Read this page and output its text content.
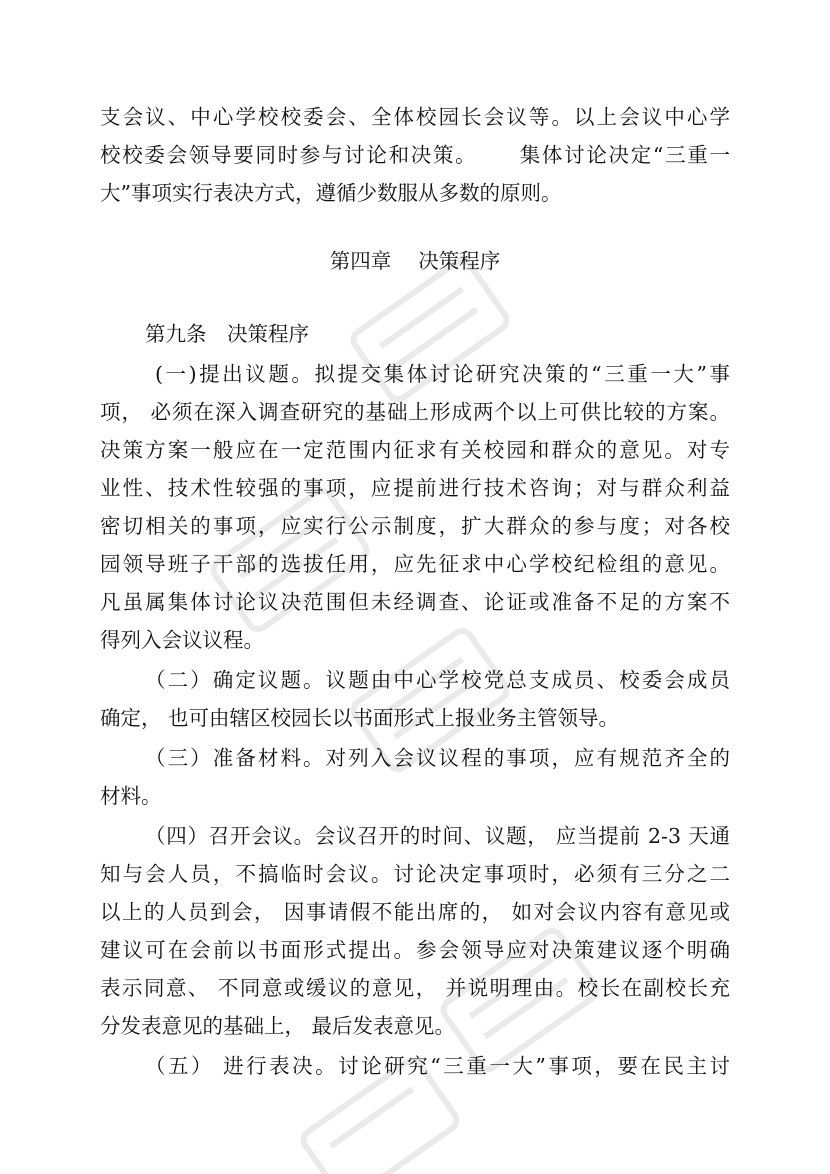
支会议、中心学校校委会、全体校园长会议等。以上会议中心学
校校委会领导要同时参与讨论和决策。　　 集体讨论决定“三重一
大”事项实行表决方式，遵循少数服从多数的原则。
第四章　 决策程序
第九条　决策程序
(一)提出议题。拟提交集体讨论研究决策的“三重一大”事
项， 必须在深入调查研究的基础上形成两个以上可供比较的方案。
决策方案一般应在一定范围内征求有关校园和群众的意见。对专
业性、技术性较强的事项，应提前进行技术咨询；对与群众利益
密切相关的事项，应实行公示制度，扩大群众的参与度；对各校
园领导班子干部的选拔任用，应先征求中心学校纪检组的意见。
凡虽属集体讨论议决范围但未经调查、论证或准备不足的方案不
得列入会议议程。
（二）确定议题。议题由中心学校党总支成员、校委会成员
确定， 也可由辖区校园长以书面形式上报业务主管领导。
（三）准备材料。对列入会议议程的事项，应有规范齐全的
材料。
（四）召开会议。会议召开的时间、议题， 应当提前 2-3 天通
知与会人员，不搞临时会议。讨论决定事项时，必须有三分之二
以上的人员到会， 因事请假不能出席的， 如对会议内容有意见或
建议可在会前以书面形式提出。参会领导应对决策建议逐个明确
表示同意、 不同意或缓议的意见， 并说明理由。校长在副校长充
分发表意见的基础上， 最后发表意见。
（五） 进行表决。讨论研究“三重一大”事项，要在民主讨
